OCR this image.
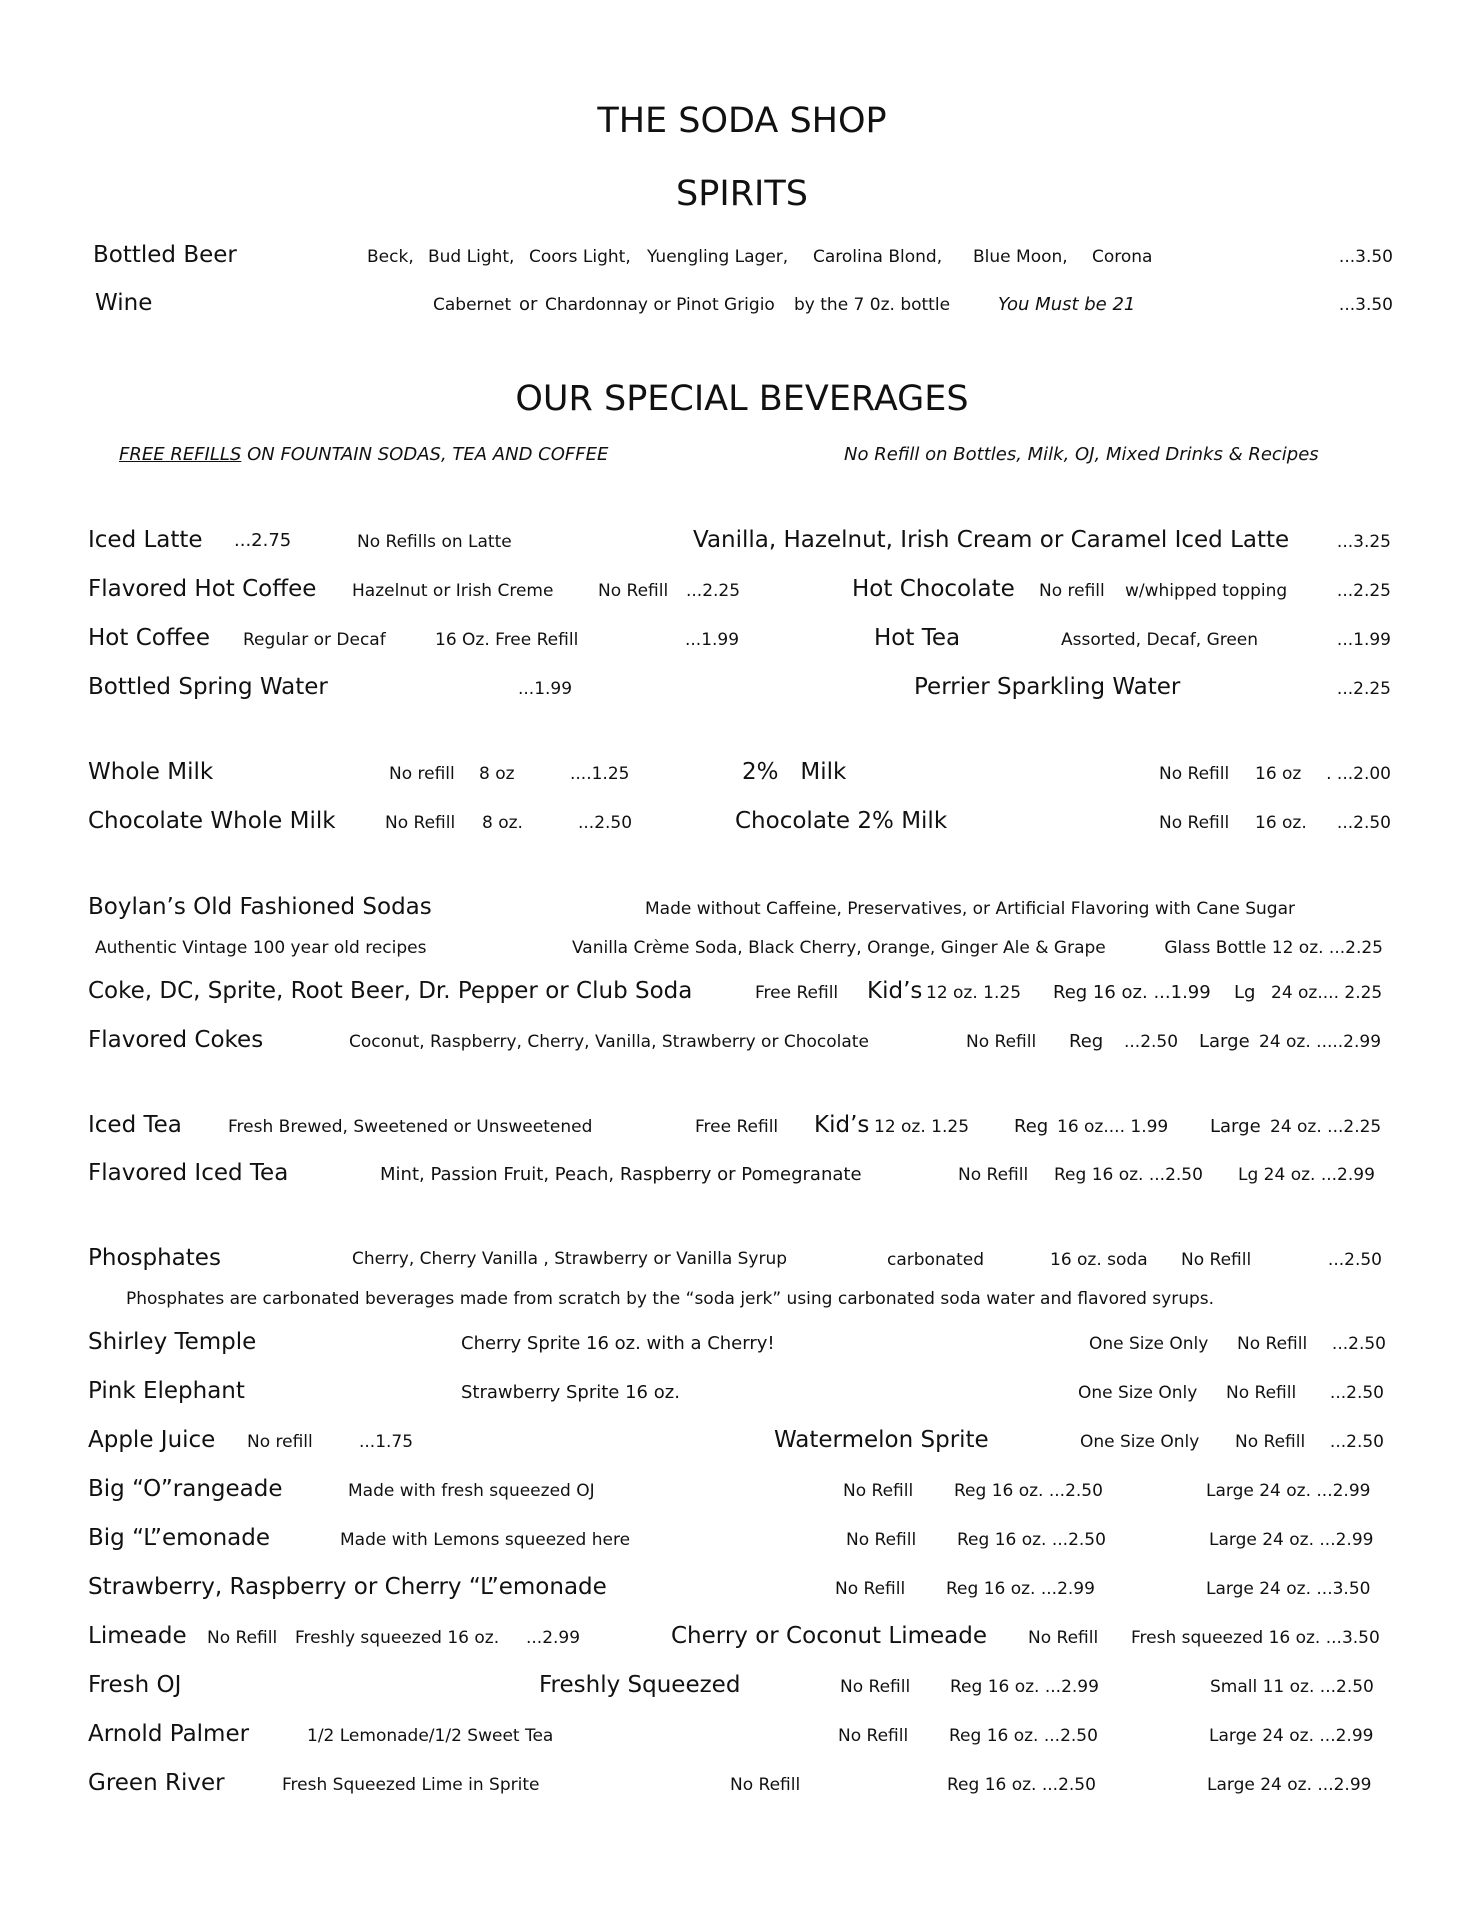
THE SODA SHOP
SPIRITS
Bottled Beer	Beck, Bud Light, Coors Light, Yuengling Lager, Carolina Blond, Blue Moon, Corona	...3.50
Wine	Cabernet or Chardonnay or Pinot Grigio by the 7 0z. bottle	You Must be 21	...3.50
OUR SPECIAL BEVERAGES
FREE REFILLS ON FOUNTAIN SODAS, TEA AND COFFEE	No Refill on Bottles, Milk, OJ, Mixed Drinks & Recipes
Iced Latte ...2.75	No Refills on Latte	Vanilla, Hazelnut, Irish Cream or Caramel Iced Latte	...3.25
Flavored Hot Coffee Hazelnut or Irish Creme	No Refill ...2.25	Hot Chocolate No refill w/whipped topping	...2.25
Hot Coffee Regular or Decaf	16 Oz. Free Refill	...1.99	Hot Tea	Assorted, Decaf, Green	...1.99
Bottled Spring Water	...1.99	Perrier Sparkling Water	...2.25
Whole Milk	No refill 8 oz	....1.25	2%   Milk	No Refill 16 oz . ...2.00
Chocolate Whole Milk	No Refill 8 oz.	...2.50	Chocolate 2% Milk	No Refill 16 oz. ...2.50
Boylan’s Old Fashioned Sodas	Made without Caffeine, Preservatives, or Artificial Flavoring with Cane Sugar
Authentic Vintage 100 year old recipes	Vanilla Crème Soda, Black Cherry, Orange, Ginger Ale & Grape	Glass Bottle 12 oz. ...2.25
Coke, DC, Sprite, Root Beer, Dr. Pepper or Club Soda	Free Refill Kid’s 12 oz. 1.25 Reg 16 oz. ...1.99 Lg 24 oz.... 2.25
Flavored Cokes	Coconut, Raspberry, Cherry, Vanilla, Strawberry or Chocolate	No Refill Reg ...2.50 Large 24 oz. .....2.99
Iced Tea	Fresh Brewed, Sweetened or Unsweetened	Free Refill Kid’s 12 oz. 1.25 Reg 16 oz.... 1.99 Large 24 oz. ...2.25
Flavored Iced Tea	Mint, Passion Fruit, Peach, Raspberry or Pomegranate	No Refill Reg 16 oz. ...2.50 Lg 24 oz. ...2.99
Phosphates	Cherry, Cherry Vanilla , Strawberry or Vanilla Syrup	carbonated	16 oz. soda No Refill	...2.50
Phosphates are carbonated beverages made from scratch by the “soda jerk” using carbonated soda water and flavored syrups.
Shirley Temple	Cherry Sprite 16 oz. with a Cherry!	One Size Only No Refill ...2.50
Pink Elephant	Strawberry Sprite 16 oz.	One Size Only No Refill ...2.50
Apple Juice No refill	...1.75	Watermelon Sprite	One Size Only No Refill ...2.50
Big “O”rangeade	Made with fresh squeezed OJ	No Refill Reg 16 oz. ...2.50	Large 24 oz. ...2.99
Big “L”emonade	Made with Lemons squeezed here	No Refill Reg 16 oz. ...2.50	Large 24 oz. ...2.99
Strawberry, Raspberry or Cherry “L”emonade	No Refill Reg 16 oz. ...2.99	Large 24 oz. ...3.50
Limeade No Refill Freshly squeezed 16 oz. ...2.99	Cherry or Coconut Limeade No Refill Fresh squeezed 16 oz. ...3.50
Fresh OJ	Freshly Squeezed	No Refill Reg 16 oz. ...2.99	Small 11 oz. ...2.50
Arnold Palmer	1/2 Lemonade/1/2 Sweet Tea	No Refill Reg 16 oz. ...2.50	Large 24 oz. ...2.99
Green River	Fresh Squeezed Lime in Sprite	No Refill	Reg 16 oz. ...2.50	Large 24 oz. ...2.99
